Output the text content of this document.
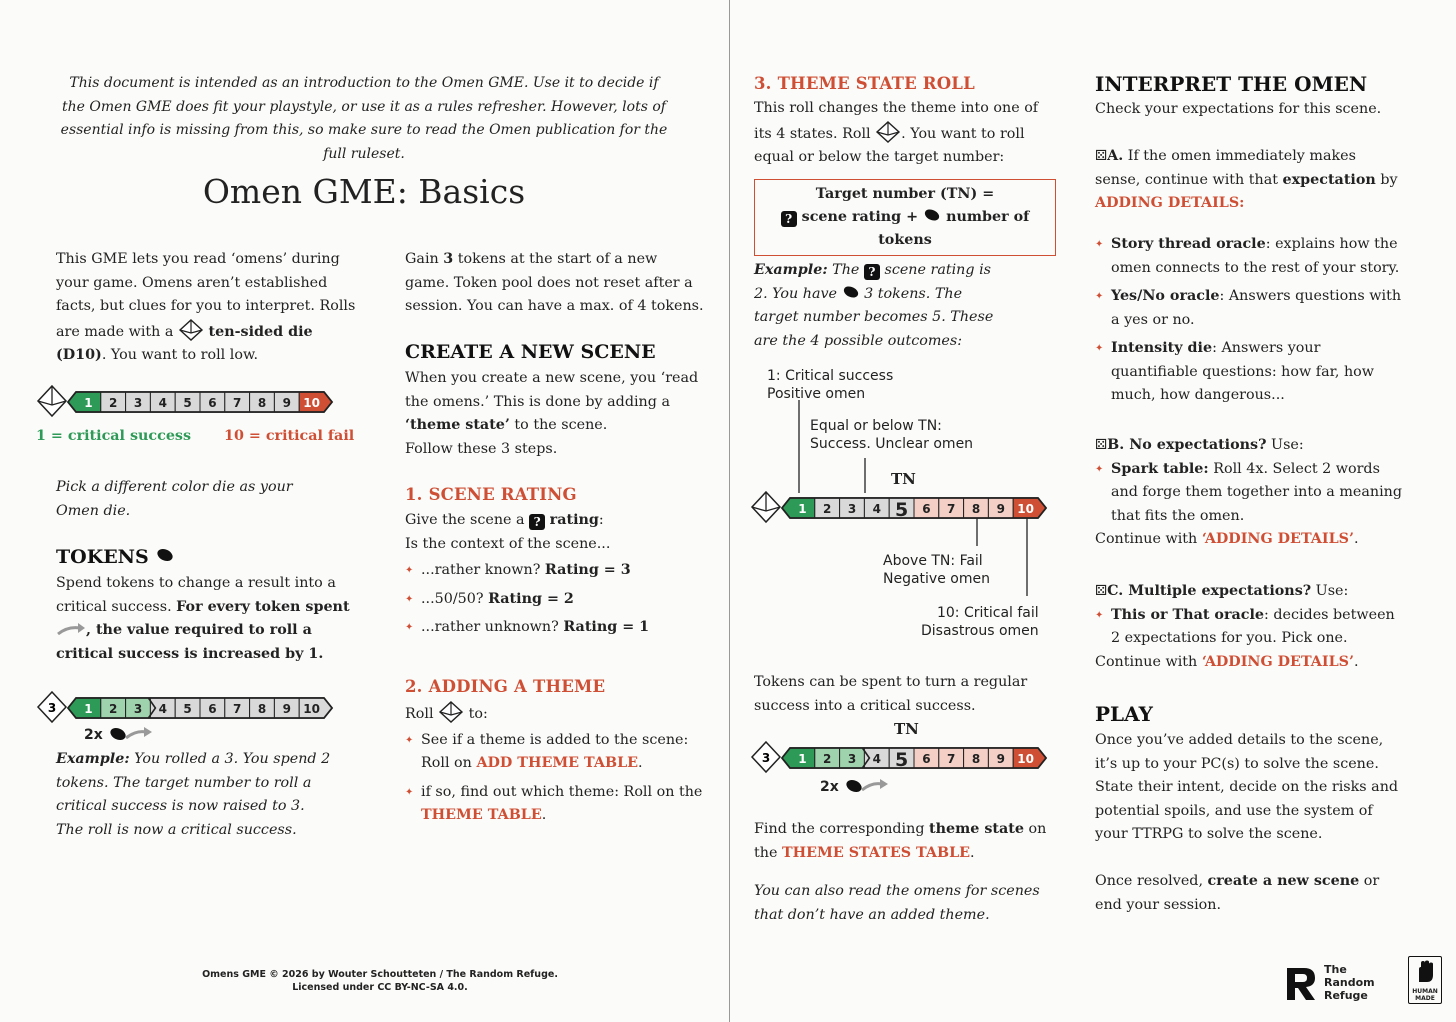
This document is intended as an introduction to the Omen GME. Use it to decide if the Omen GME does fit your playstyle, or use it as a rules refresher. However, lots of essential info is missing from this, so make sure to read the Omen publication for the full ruleset.
Omen GME: Basics
This GME lets you read ‘omens’ during your game. Omens aren’t established facts, but clues for you to interpret. Rolls are made with a ten-sided die (D10). You want to roll low.
1 2 3 4 5 6 7 8 9 10
1 = critical success 10 = critical fail
Pick a different color die as your Omen die.
TOKENS
Spend tokens to change a result into a critical success. For every token spent , the value required to roll a critical success is increased by 1.
3 1 2 3 4 5 6 7 8 9 10
2x
Example: You rolled a 3. You spend 2 tokens. The target number to roll a critical success is now raised to 3.
The roll is now a critical success.
Gain 3 tokens at the start of a new game. Token pool does not reset after a session. You can have a max. of 4 tokens.
CREATE A NEW SCENE
When you create a new scene, you ‘read the omens.’ This is done by adding a ‘theme state’ to the scene.
Follow these 3 steps.
1. SCENE RATING
Give the scene a ? rating:
Is the context of the scene...
✦ ...rather known? Rating = 3
✦ ...50/50? Rating = 2
✦ ...rather unknown? Rating = 1
2. ADDING A THEME
Roll to:
✦ See if a theme is added to the scene: Roll on ADD THEME TABLE.
✦ if so, find out which theme: Roll on the THEME TABLE.
Omens GME © 2026 by Wouter Schoutteten / The Random Refuge.
Licensed under CC BY-NC-SA 4.0.
3. THEME STATE ROLL
This roll changes the theme into one of its 4 states. Roll . You want to roll equal or below the target number:
Target number (TN) =
? scene rating + number of tokens
Example: The ? scene rating is 2. You have 3 tokens. The target number becomes 5. These are the 4 possible outcomes:
1: Critical success
Positive omen
Equal or below TN:
Success. Unclear omen
Above TN: Fail
Negative omen
10: Critical fail
Disastrous omen
TN
1 2 3 4 5 6 7 8 9 10
Tokens can be spent to turn a regular success into a critical success.
TN
3 1 2 3 4 5 6 7 8 9 10
2x
Find the corresponding theme state on the THEME STATES TABLE.
You can also read the omens for scenes that don’t have an added theme.
INTERPRET THE OMEN
Check your expectations for this scene.
⚄A. If the omen immediately makes sense, continue with that expectation by
ADDING DETAILS:
✦ Story thread oracle: explains how the omen connects to the rest of your story.
✦ Yes/No oracle: Answers questions with a yes or no.
✦ Intensity die: Answers your quantifiable questions: how far, how much, how dangerous...
⚄B. No expectations? Use:
✦ Spark table: Roll 4x. Select 2 words and forge them together into a meaning that fits the omen.
Continue with ‘ADDING DETAILS’.
⚄C. Multiple expectations? Use:
✦ This or That oracle: decides between 2 expectations for you. Pick one.
Continue with ‘ADDING DETAILS’.
PLAY
Once you’ve added details to the scene, it’s up to your PC(s) to solve the scene. State their intent, decide on the risks and potential spoils, and use the system of your TTRPG to solve the scene.
Once resolved, create a new scene or end your session.
The
Random
Refuge	HUMAN
MADE
